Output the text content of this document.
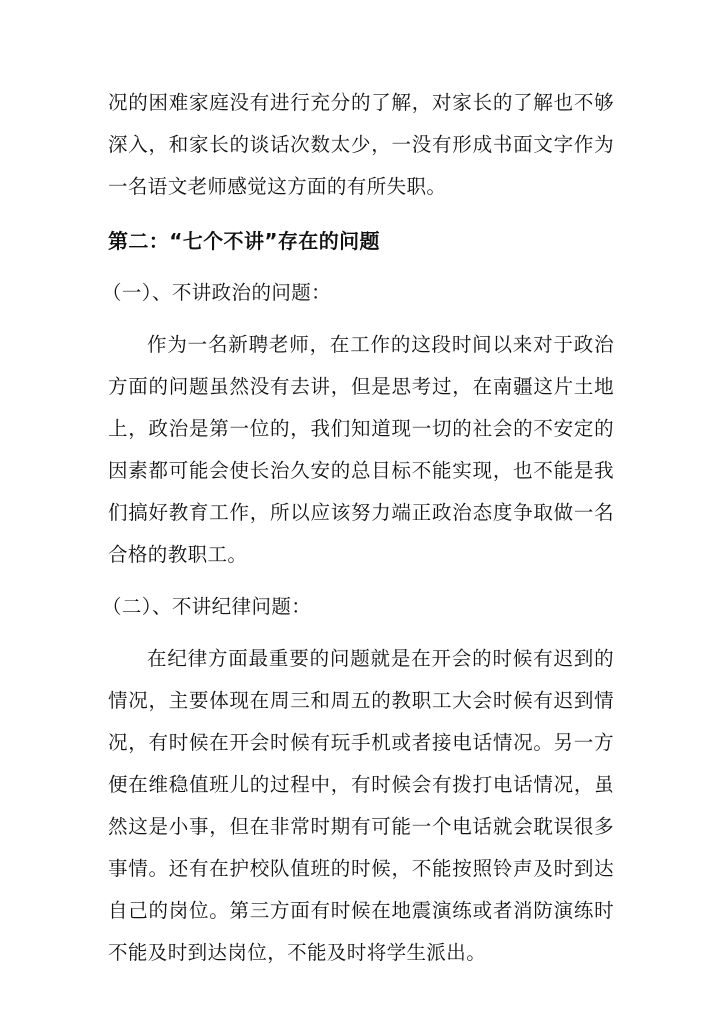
况的困难家庭没有进行充分的了解，对家长的了解也不够深入，和家长的谈话次数太少，一没有形成书面文字作为一名语文老师感觉这方面的有所失职。

第二：“七个不讲”存在的问题

（一）、不讲政治的问题：

作为一名新聘老师，在工作的这段时间以来对于政治方面的问题虽然没有去讲，但是思考过，在南疆这片土地上，政治是第一位的，我们知道现一切的社会的不安定的因素都可能会使长治久安的总目标不能实现，也不能是我们搞好教育工作，所以应该努力端正政治态度争取做一名合格的教职工。

（二）、不讲纪律问题：

在纪律方面最重要的问题就是在开会的时候有迟到的情况，主要体现在周三和周五的教职工大会时候有迟到情况，有时候在开会时候有玩手机或者接电话情况。另一方便在维稳值班儿的过程中，有时候会有拨打电话情况，虽然这是小事，但在非常时期有可能一个电话就会耽误很多事情。还有在护校队值班的时候，不能按照铃声及时到达自己的岗位。第三方面有时候在地震演练或者消防演练时不能及时到达岗位，不能及时将学生派出。
